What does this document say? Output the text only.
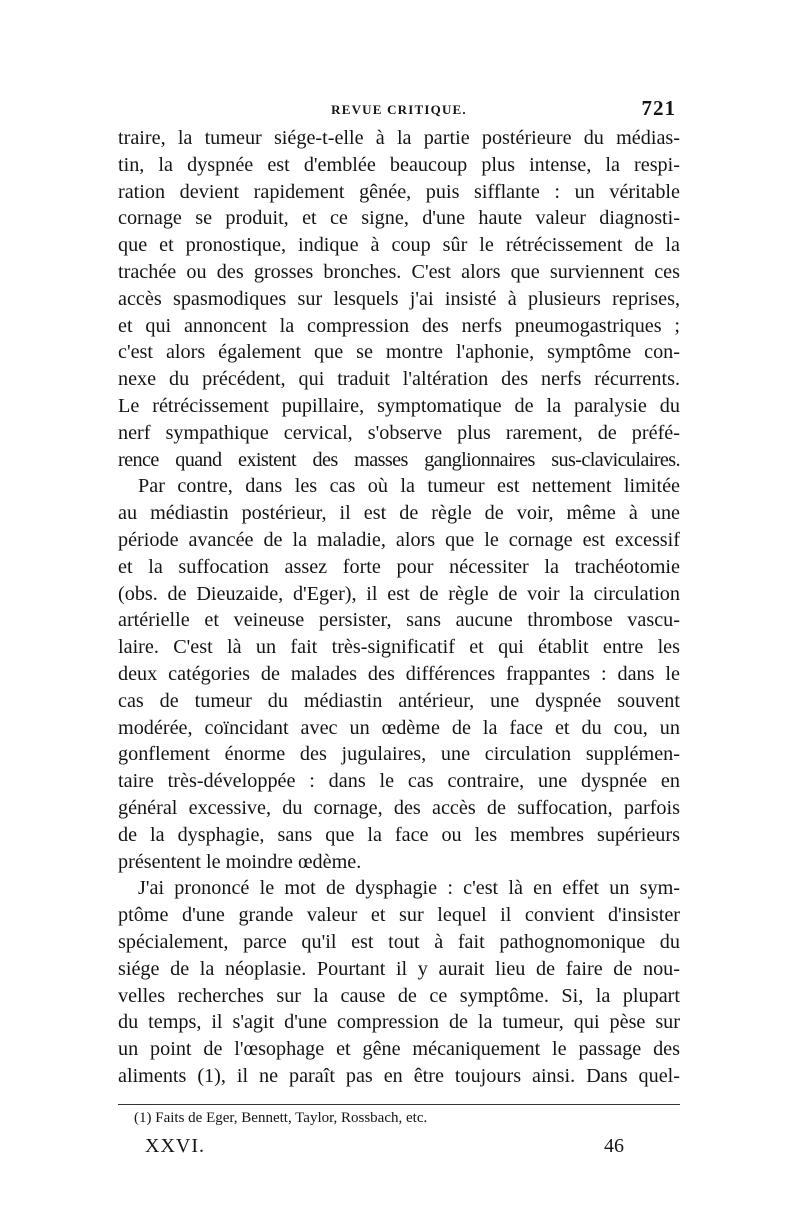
REVUE CRITIQUE.	721
traire, la tumeur siége-t-elle à la partie postérieure du médias-
tin, la dyspnée est d'emblée beaucoup plus intense, la respi-
ration devient rapidement gênée, puis sifflante : un véritable
cornage se produit, et ce signe, d'une haute valeur diagnosti-
que et pronostique, indique à coup sûr le rétrécissement de la
trachée ou des grosses bronches. C'est alors que surviennent ces
accès spasmodiques sur lesquels j'ai insisté à plusieurs reprises,
et qui annoncent la compression des nerfs pneumogastriques ;
c'est alors également que se montre l'aphonie, symptôme con-
nexe du précédent, qui traduit l'altération des nerfs récurrents.
Le rétrécissement pupillaire, symptomatique de la paralysie du
nerf sympathique cervical, s'observe plus rarement, de préfé-
rence quand existent des masses ganglionnaires sus-claviculaires.
Par contre, dans les cas où la tumeur est nettement limitée
au médiastin postérieur, il est de règle de voir, même à une
période avancée de la maladie, alors que le cornage est excessif
et la suffocation assez forte pour nécessiter la trachéotomie
(obs. de Dieuzaide, d'Eger), il est de règle de voir la circulation
artérielle et veineuse persister, sans aucune thrombose vascu-
laire. C'est là un fait très-significatif et qui établit entre les
deux catégories de malades des différences frappantes : dans le
cas de tumeur du médiastin antérieur, une dyspnée souvent
modérée, coïncidant avec un œdème de la face et du cou, un
gonflement énorme des jugulaires, une circulation supplémen-
taire très-développée : dans le cas contraire, une dyspnée en
général excessive, du cornage, des accès de suffocation, parfois
de la dysphagie, sans que la face ou les membres supérieurs
présentent le moindre œdème.
J'ai prononcé le mot de dysphagie : c'est là en effet un sym-
ptôme d'une grande valeur et sur lequel il convient d'insister
spécialement, parce qu'il est tout à fait pathognomonique du
siége de la néoplasie. Pourtant il y aurait lieu de faire de nou-
velles recherches sur la cause de ce symptôme. Si, la plupart
du temps, il s'agit d'une compression de la tumeur, qui pèse sur
un point de l'œsophage et gêne mécaniquement le passage des
aliments (1), il ne paraît pas en être toujours ainsi. Dans quel-
(1) Faits de Eger, Bennett, Taylor, Rossbach, etc.
XXVI.	46
